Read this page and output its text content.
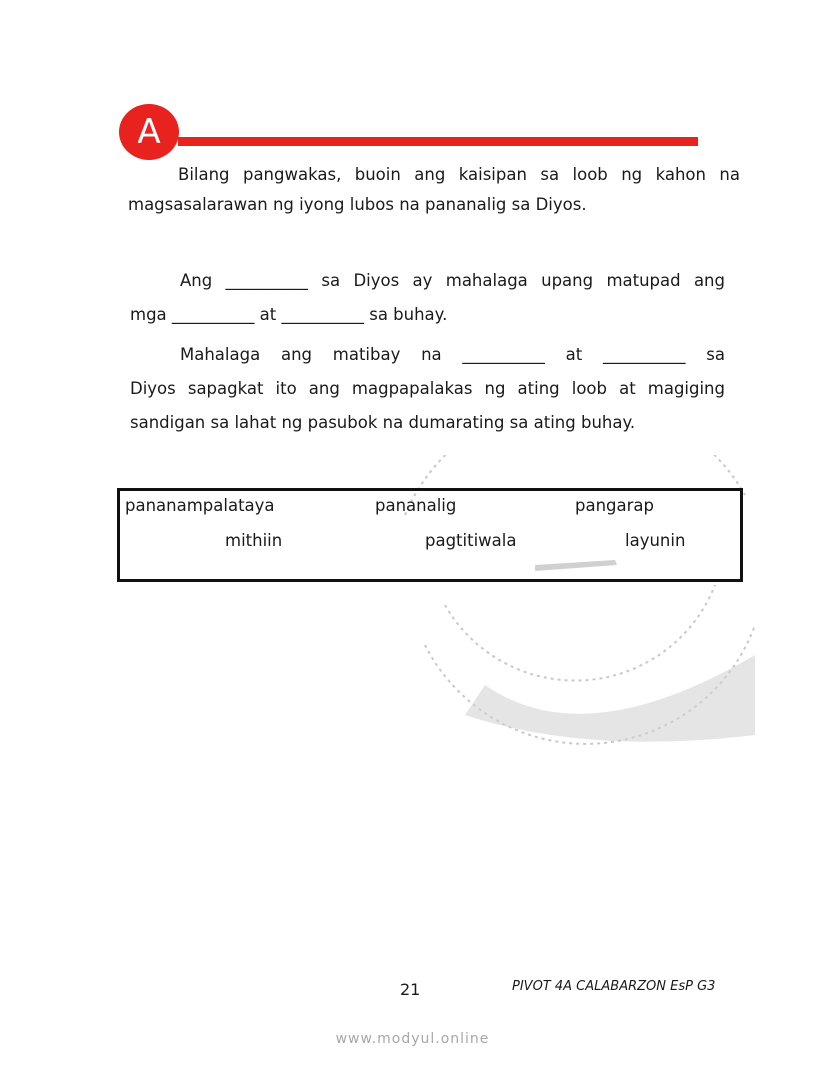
A
Bilang pangwakas, buoin ang kaisipan sa loob ng kahon na
magsasalarawan ng iyong lubos na pananalig sa Diyos.
Ang __________ sa Diyos ay mahalaga upang matupad ang
mga __________ at __________ sa buhay.
Mahalaga ang matibay na __________ at __________ sa
Diyos sapagkat ito ang magpapalakas ng ating loob at magiging
sandigan sa lahat ng pasubok na dumarating sa ating buhay.
pananampalataya	pananalig	pangarap
mithiin	pagtitiwala	layunin
21	PIVOT 4A CALABARZON EsP G3
www.modyul.online
